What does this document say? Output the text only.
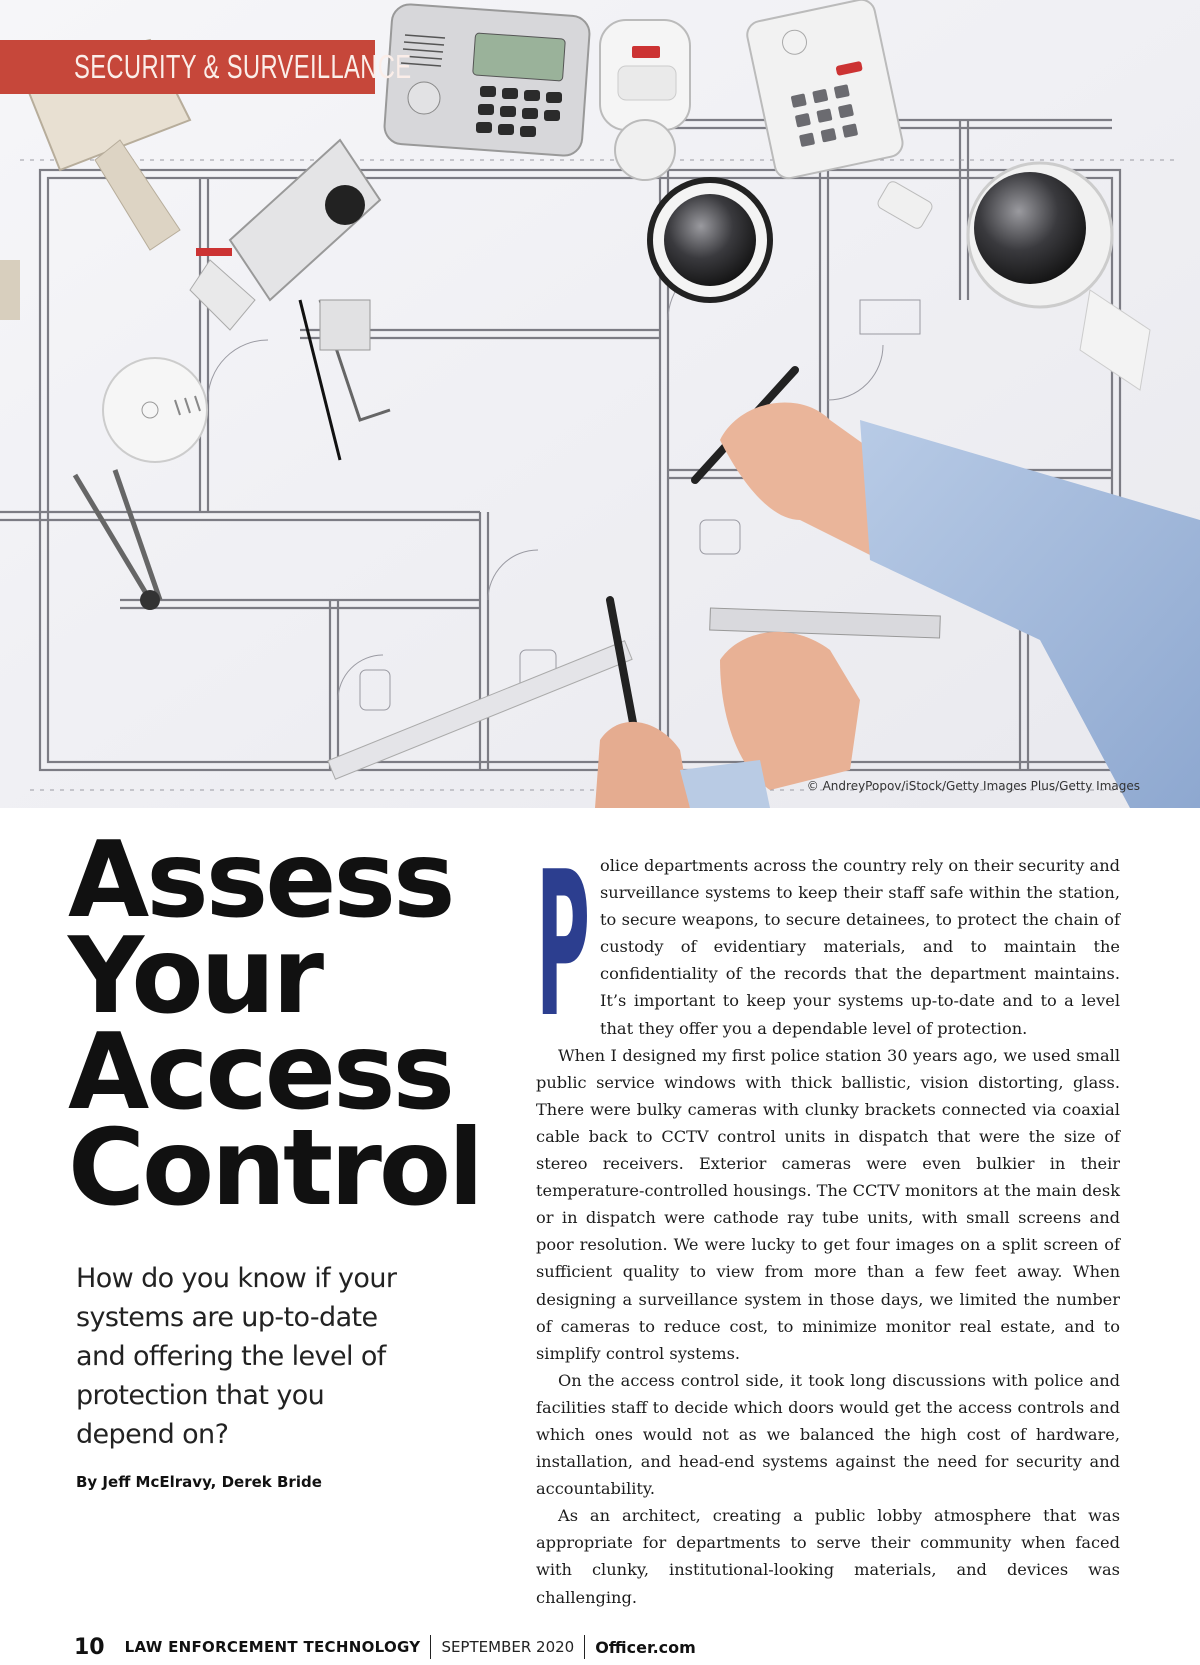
SECURITY & SURVEILLANCE
© AndreyPopov/iStock/Getty Images Plus/Getty Images
Assess
Your
Access
Control
How do you know if your systems are up-to-date and offering the level of protection that you depend on?
By Jeff McElravy, Derek Bride
P olice departments across the country rely on their security and surveillance systems to keep their staff safe within the station, to secure weapons, to secure detainees, to protect the chain of custody of evidentiary materials, and to maintain the confidentiality of the records that the department maintains. It’s important to keep your systems up-to-date and to a level that they offer you a dependable level of protection.

When I designed my first police station 30 years ago, we used small public service windows with thick ballistic, vision distorting, glass. There were bulky cameras with clunky brackets connected via coaxial cable back to CCTV control units in dispatch that were the size of stereo receivers. Exterior cameras were even bulkier in their temperature-controlled housings. The CCTV monitors at the main desk or in dispatch were cathode ray tube units, with small screens and poor resolution. We were lucky to get four images on a split screen of sufficient quality to view from more than a few feet away. When designing a surveillance system in those days, we limited the number of cameras to reduce cost, to minimize monitor real estate, and to simplify control systems.

On the access control side, it took long discussions with police and facilities staff to decide which doors would get the access controls and which ones would not as we balanced the high cost of hardware, installation, and head-end systems against the need for security and accountability.

As an architect, creating a public lobby atmosphere that was appropriate for departments to serve their community when faced with clunky, institutional-looking materials, and devices was challenging.

10 LAW ENFORCEMENT TECHNOLOGY SEPTEMBER 2020 Officer.com
